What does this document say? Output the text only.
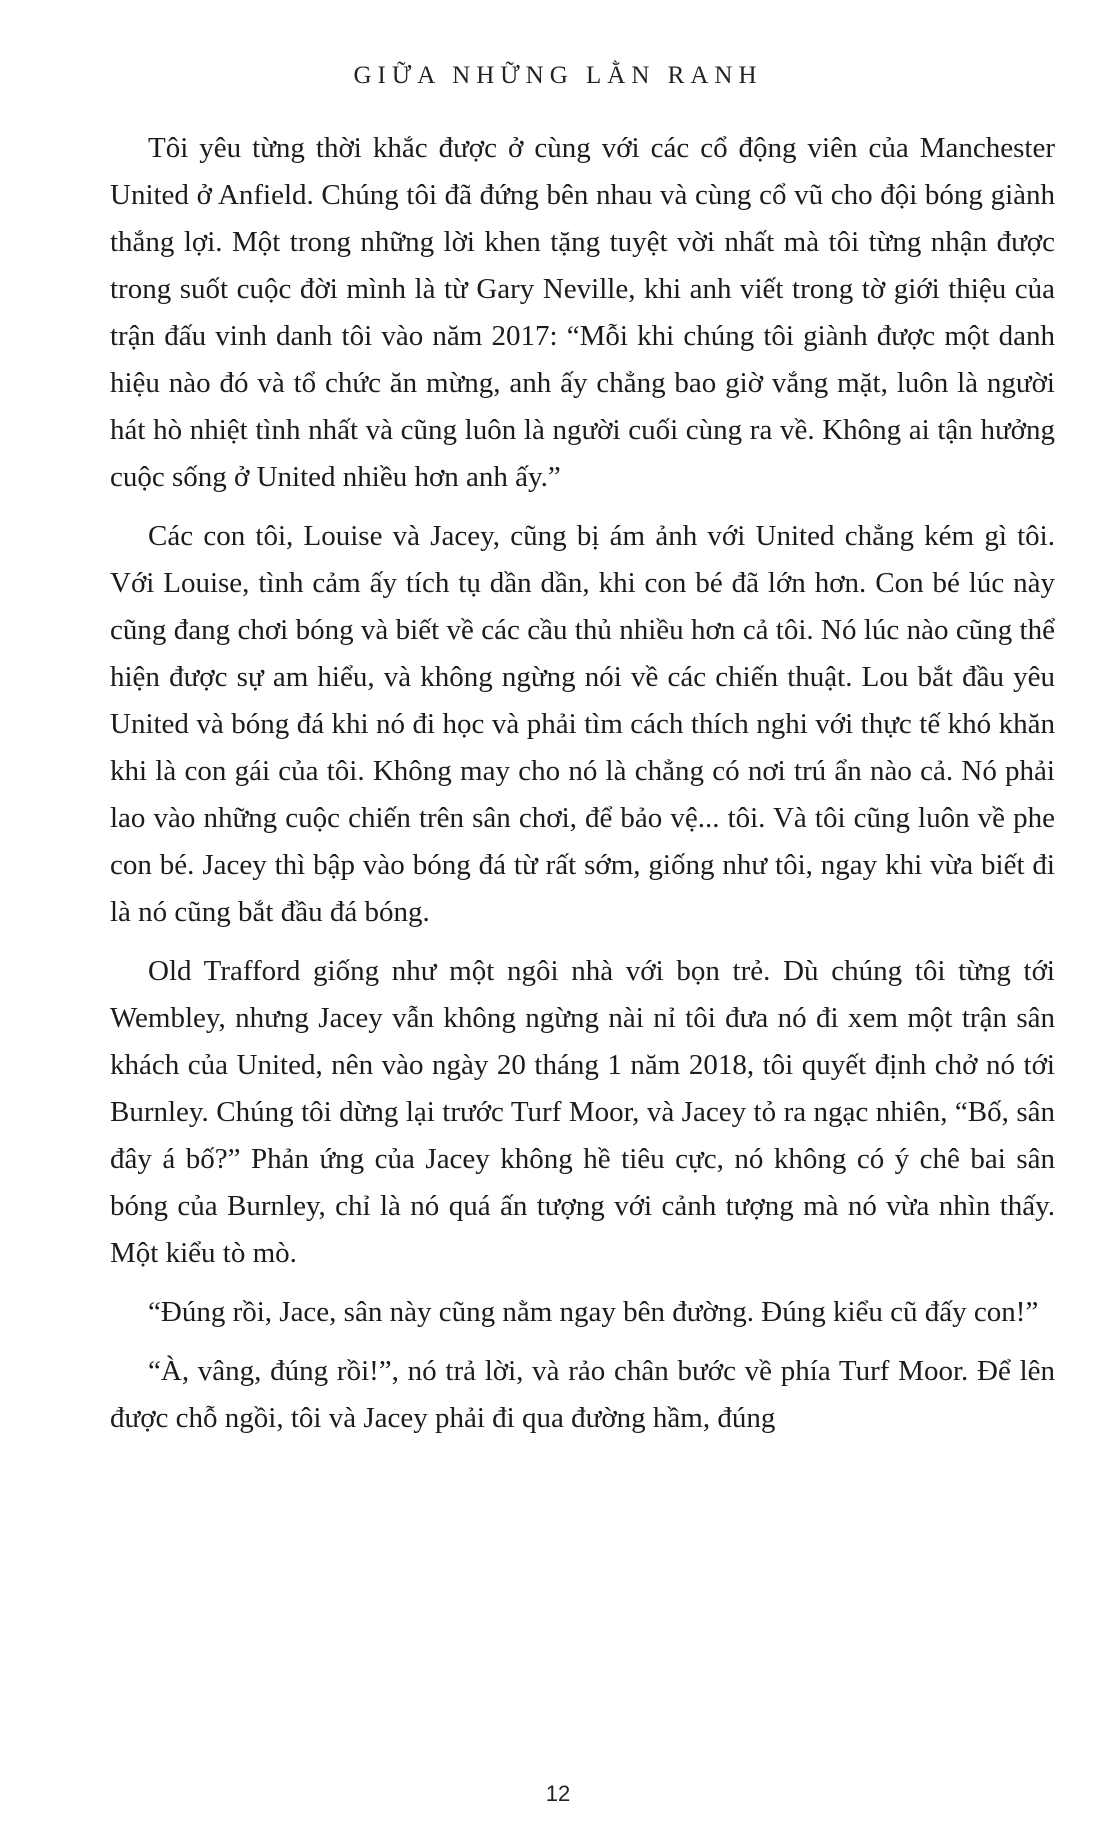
GIỮA NHỮNG LẰN RANH

Tôi yêu từng thời khắc được ở cùng với các cổ động viên của Manchester United ở Anfield. Chúng tôi đã đứng bên nhau và cùng cổ vũ cho đội bóng giành thắng lợi. Một trong những lời khen tặng tuyệt vời nhất mà tôi từng nhận được trong suốt cuộc đời mình là từ Gary Neville, khi anh viết trong tờ giới thiệu của trận đấu vinh danh tôi vào năm 2017: “Mỗi khi chúng tôi giành được một danh hiệu nào đó và tổ chức ăn mừng, anh ấy chẳng bao giờ vắng mặt, luôn là người hát hò nhiệt tình nhất và cũng luôn là người cuối cùng ra về. Không ai tận hưởng cuộc sống ở United nhiều hơn anh ấy.”

Các con tôi, Louise và Jacey, cũng bị ám ảnh với United chẳng kém gì tôi. Với Louise, tình cảm ấy tích tụ dần dần, khi con bé đã lớn hơn. Con bé lúc này cũng đang chơi bóng và biết về các cầu thủ nhiều hơn cả tôi. Nó lúc nào cũng thể hiện được sự am hiểu, và không ngừng nói về các chiến thuật. Lou bắt đầu yêu United và bóng đá khi nó đi học và phải tìm cách thích nghi với thực tế khó khăn khi là con gái của tôi. Không may cho nó là chẳng có nơi trú ẩn nào cả. Nó phải lao vào những cuộc chiến trên sân chơi, để bảo vệ... tôi. Và tôi cũng luôn về phe con bé. Jacey thì bập vào bóng đá từ rất sớm, giống như tôi, ngay khi vừa biết đi là nó cũng bắt đầu đá bóng.

Old Trafford giống như một ngôi nhà với bọn trẻ. Dù chúng tôi từng tới Wembley, nhưng Jacey vẫn không ngừng nài nỉ tôi đưa nó đi xem một trận sân khách của United, nên vào ngày 20 tháng 1 năm 2018, tôi quyết định chở nó tới Burnley. Chúng tôi dừng lại trước Turf Moor, và Jacey tỏ ra ngạc nhiên, “Bố, sân đây á bố?” Phản ứng của Jacey không hề tiêu cực, nó không có ý chê bai sân bóng của Burnley, chỉ là nó quá ấn tượng với cảnh tượng mà nó vừa nhìn thấy. Một kiểu tò mò.

“Đúng rồi, Jace, sân này cũng nằm ngay bên đường. Đúng kiểu cũ đấy con!”

“À, vâng, đúng rồi!”, nó trả lời, và rảo chân bước về phía Turf Moor. Để lên được chỗ ngồi, tôi và Jacey phải đi qua đường hầm, đúng

12
